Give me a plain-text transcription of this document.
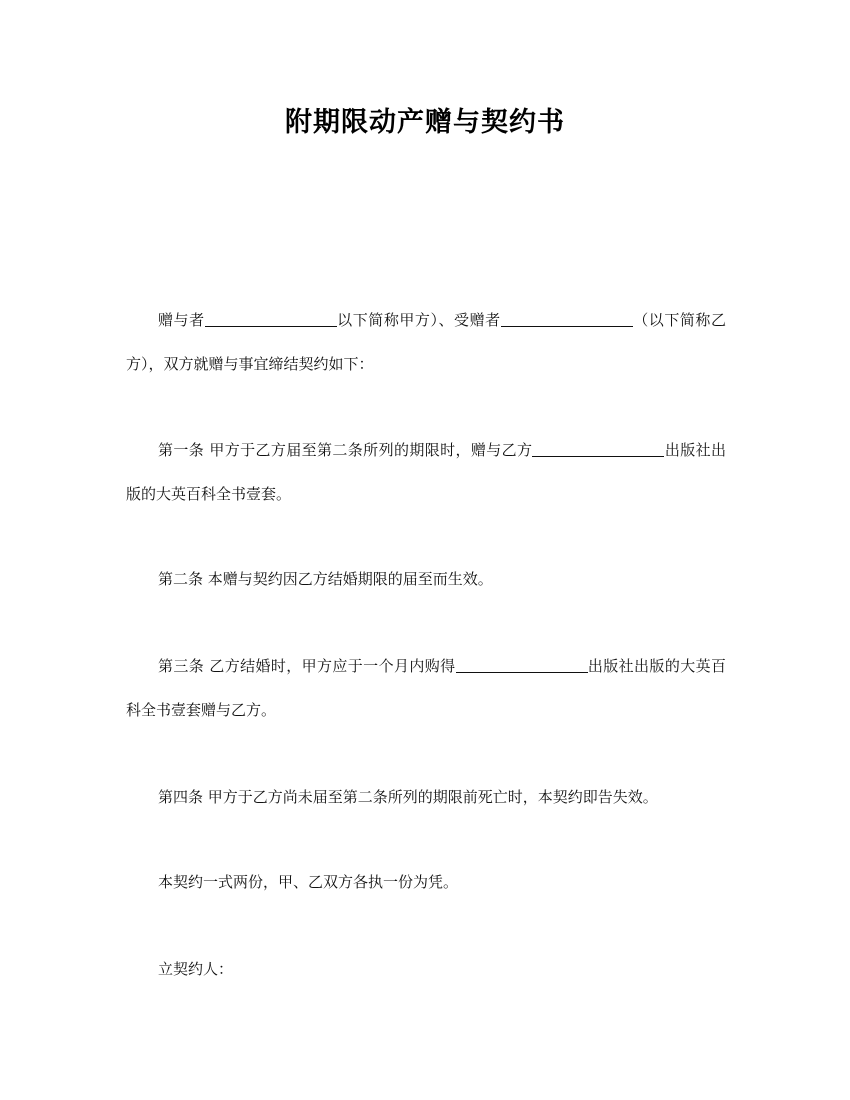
附期限动产赠与契约书

赠与者	以下简称甲方）、受赠者	（以下简称乙方），双方就赠与事宜缔结契约如下：

第一条 甲方于乙方届至第二条所列的期限时，赠与乙方	出版社出版的大英百科全书壹套。

第二条 本赠与契约因乙方结婚期限的届至而生效。

第三条 乙方结婚时，甲方应于一个月内购得	出版社出版的大英百科全书壹套赠与乙方。

第四条 甲方于乙方尚未届至第二条所列的期限前死亡时，本契约即告失效。

本契约一式两份，甲、乙双方各执一份为凭。

立契约人：
